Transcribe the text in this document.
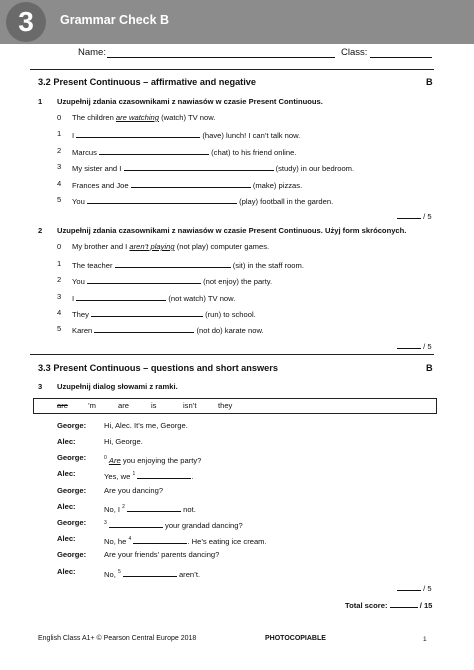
3	Grammar Check B
Name:	Class:
3.2 Present Continuous – affirmative and negative	B
1 Uzupełnij zdania czasownikami z nawiasów w czasie Present Continuous.
0 The children are watching (watch) TV now.
1 I	(have) lunch! I can’t talk now.
2 Marcus	(chat) to his friend online.
3 My sister and I	(study) in our bedroom.
4 Frances and Joe	(make) pizzas.
5 You	(play) football in the garden.
/ 5
2 Uzupełnij zdania czasownikami z nawiasów w czasie Present Continuous. Użyj form skróconych.
0 My brother and I aren’t playing (not play) computer games.
1 The teacher	(sit) in the staff room.
2 You	(not enjoy) the party.
3 I	(not watch) TV now.
4 They	(run) to school.
5 Karen	(not do) karate now.
/ 5
3.3 Present Continuous – questions and short answers	B
3 Uzupełnij dialog słowami z ramki.
are	’m	are	is	isn’t	they
George: Hi, Alec. It’s me, George.
Alec:	Hi, George.
George:	$^0$ Are you enjoying the party?
Alec:	Yes, we $^1$	.
George: Are you dancing?
Alec:	No, I $^2$	not.
George:	$^3$	your grandad dancing?
Alec:	No, he $^4$	. He’s eating ice cream.
George: Are your friends’ parents dancing?
Alec:	No, $^5$	aren’t.
/ 5
Total score:	/ 15
English Class A1+ © Pearson Central Europe 2018	PHOTOCOPIABLE	1
